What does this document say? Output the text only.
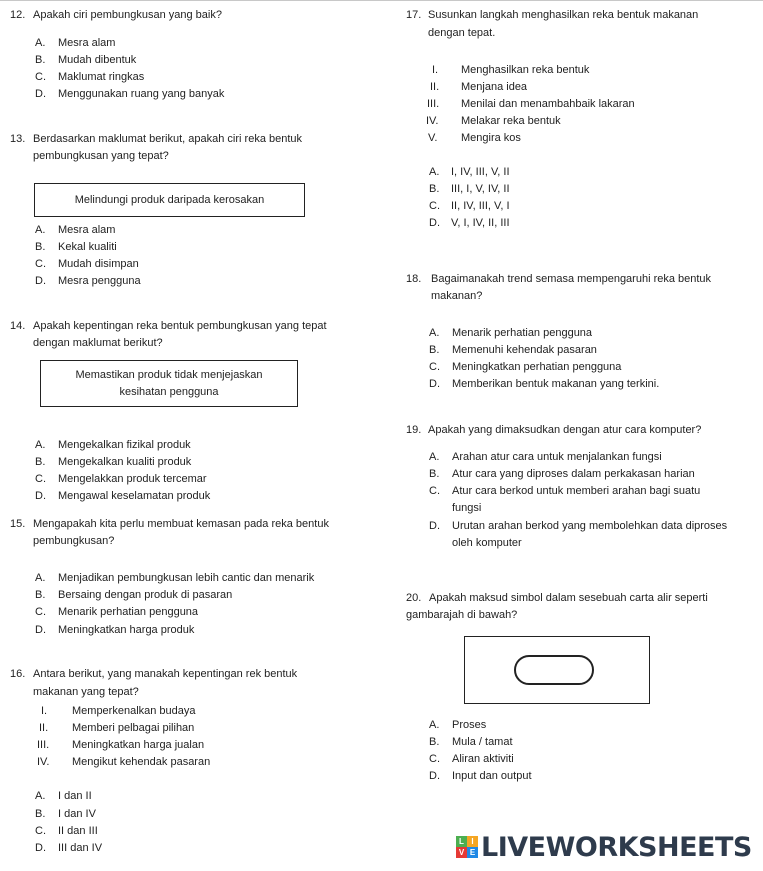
12. Apakah ciri pembungkusan yang baik?
A. Mesra alam
B. Mudah dibentuk
C. Maklumat ringkas
D. Menggunakan ruang yang banyak
13. Berdasarkan maklumat berikut, apakah ciri reka bentuk
pembungkusan yang tepat?
Melindungi produk daripada kerosakan
A. Mesra alam
B. Kekal kualiti
C. Mudah disimpan
D. Mesra pengguna
14. Apakah kepentingan reka bentuk pembungkusan yang tepat
dengan maklumat berikut?
Memastikan produk tidak menjejaskan
kesihatan pengguna
A. Mengekalkan fizikal produk
B. Mengekalkan kualiti produk
C. Mengelakkan produk tercemar
D. Mengawal keselamatan produk
15. Mengapakah kita perlu membuat kemasan pada reka bentuk
pembungkusan?
A. Menjadikan pembungkusan lebih cantic dan menarik
B. Bersaing dengan produk di pasaran
C. Menarik perhatian pengguna
D. Meningkatkan harga produk
16. Antara berikut, yang manakah kepentingan rek bentuk
makanan yang tepat?
I. Memperkenalkan budaya
II. Memberi pelbagai pilihan
III. Meningkatkan harga jualan
IV. Mengikut kehendak pasaran
A. I dan II
B. I dan IV
C. II dan III
D. III dan IV
17. Susunkan langkah menghasilkan reka bentuk makanan
dengan tepat.
I. Menghasilkan reka bentuk
II. Menjana idea
III. Menilai dan menambahbaik lakaran
IV. Melakar reka bentuk
V. Mengira kos
A. I, IV, III, V, II
B. III, I, V, IV, II
C. II, IV, III, V, I
D. V, I, IV, II, III
18. Bagaimanakah trend semasa mempengaruhi reka bentuk
makanan?
A. Menarik perhatian pengguna
B. Memenuhi kehendak pasaran
C. Meningkatkan perhatian pengguna
D. Memberikan bentuk makanan yang terkini.
19. Apakah yang dimaksudkan dengan atur cara komputer?
A. Arahan atur cara untuk menjalankan fungsi
B. Atur cara yang diproses dalam perkakasan harian
C. Atur cara berkod untuk memberi arahan bagi suatu
fungsi
D. Urutan arahan berkod yang membolehkan data diproses
oleh komputer
20. Apakah maksud simbol dalam sesebuah carta alir seperti
gambarajah di bawah?
A. Proses
B. Mula / tamat
C. Aliran aktiviti
D. Input dan output
L I
V E LIVEWORKSHEETS
